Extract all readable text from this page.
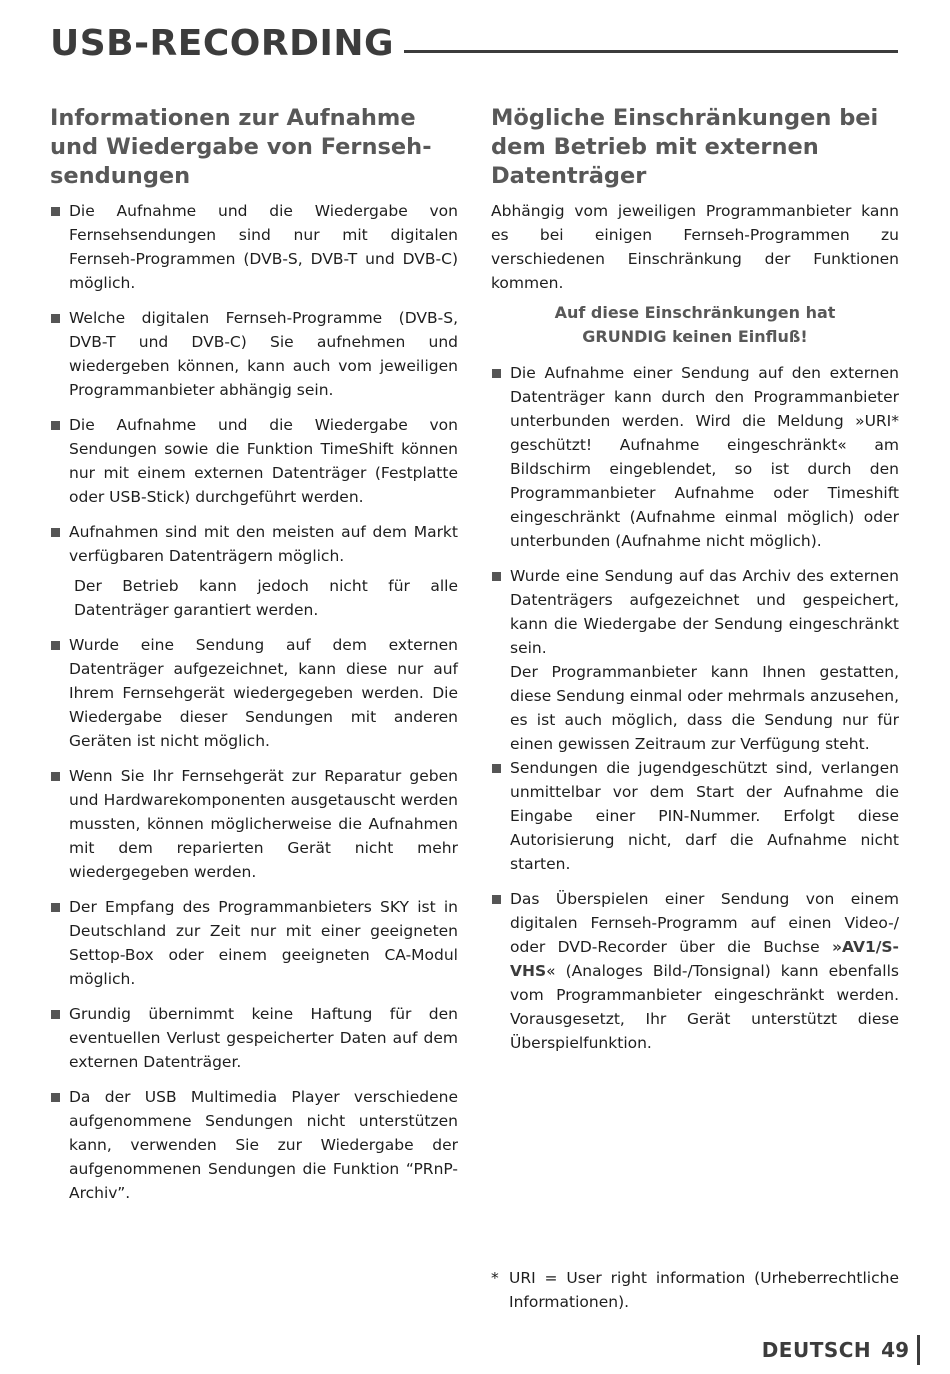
USB-RECORDING
Informationen zur Aufnahme und Wiedergabe von Fernsehsendungen

Die Aufnahme und die Wiedergabe von Fernsehsendungen sind nur mit digitalen Fernseh-Programmen (DVB-S, DVB-T und DVB-C) möglich.

Welche digitalen Fernseh-Programme (DVB-S, DVB-T und DVB-C) Sie aufnehmen und wiedergeben können, kann auch vom jeweiligen Programmanbieter abhängig sein.

Die Aufnahme und die Wiedergabe von Sendungen sowie die Funktion TimeShift können nur mit einem externen Datenträger (Festplatte oder USB-Stick) durchgeführt werden.

Aufnahmen sind mit den meisten auf dem Markt verfügbaren Datenträgern möglich.

Der Betrieb kann jedoch nicht für alle Datenträger garantiert werden.

Wurde eine Sendung auf dem externen Datenträger aufgezeichnet, kann diese nur auf Ihrem Fernsehgerät wiedergegeben werden. Die Wiedergabe dieser Sendungen mit anderen Geräten ist nicht möglich.

Wenn Sie Ihr Fernsehgerät zur Reparatur geben und Hardwarekomponenten ausgetauscht werden mussten, können möglicherweise die Aufnahmen mit dem reparierten Gerät nicht mehr wiedergegeben werden.

Der Empfang des Programmanbieters SKY ist in Deutschland zur Zeit nur mit einer geeigneten Settop-Box oder einem geeigneten CA-Modul möglich.

Grundig übernimmt keine Haftung für den eventuellen Verlust gespeicherter Daten auf dem externen Datenträger.

Da der USB Multimedia Player verschiedene aufgenommene Sendungen nicht unterstützen kann, verwenden Sie zur Wiedergabe der aufgenommenen Sendungen die Funktion “PRnP-Archiv”.

Mögliche Einschränkungen bei dem Betrieb mit externen Datenträger

Abhängig vom jeweiligen Programmanbieter kann es bei einigen Fernseh-Programmen zu verschiedenen Einschränkung der Funktionen kommen.

Auf diese Einschränkungen hat
GRUNDIG keinen Einfluß!

Die Aufnahme einer Sendung auf den externen Datenträger kann durch den Programmanbieter unterbunden werden. Wird die Meldung »URI* geschützt! Aufnahme eingeschränkt« am Bildschirm eingeblendet, so ist durch den Programmanbieter Aufnahme oder Timeshift eingeschränkt (Aufnahme einmal möglich) oder unterbunden (Aufnahme nicht möglich).

Wurde eine Sendung auf das Archiv des externen Datenträgers aufgezeichnet und gespeichert, kann die Wiedergabe der Sendung eingeschränkt sein.

Der Programmanbieter kann Ihnen gestatten, diese Sendung einmal oder mehrmals anzusehen, es ist auch möglich, dass die Sendung nur für einen gewissen Zeitraum zur Verfügung steht.

Sendungen die jugendgeschützt sind, verlangen unmittelbar vor dem Start der Aufnahme die Eingabe einer PIN-Nummer. Erfolgt diese Autorisierung nicht, darf die Aufnahme nicht starten.

Das Überspielen einer Sendung von einem digitalen Fernseh-Programm auf einen Video-/ oder DVD-Recorder über die Buchse »AV1/S-VHS« (Analoges Bild-/Tonsignal) kann ebenfalls vom Programmanbieter eingeschränkt werden. Vorausgesetzt, Ihr Gerät unterstützt diese Überspielfunktion.

* URI = User right information (Urheberrechtliche Informationen).
DEUTSCH 49
